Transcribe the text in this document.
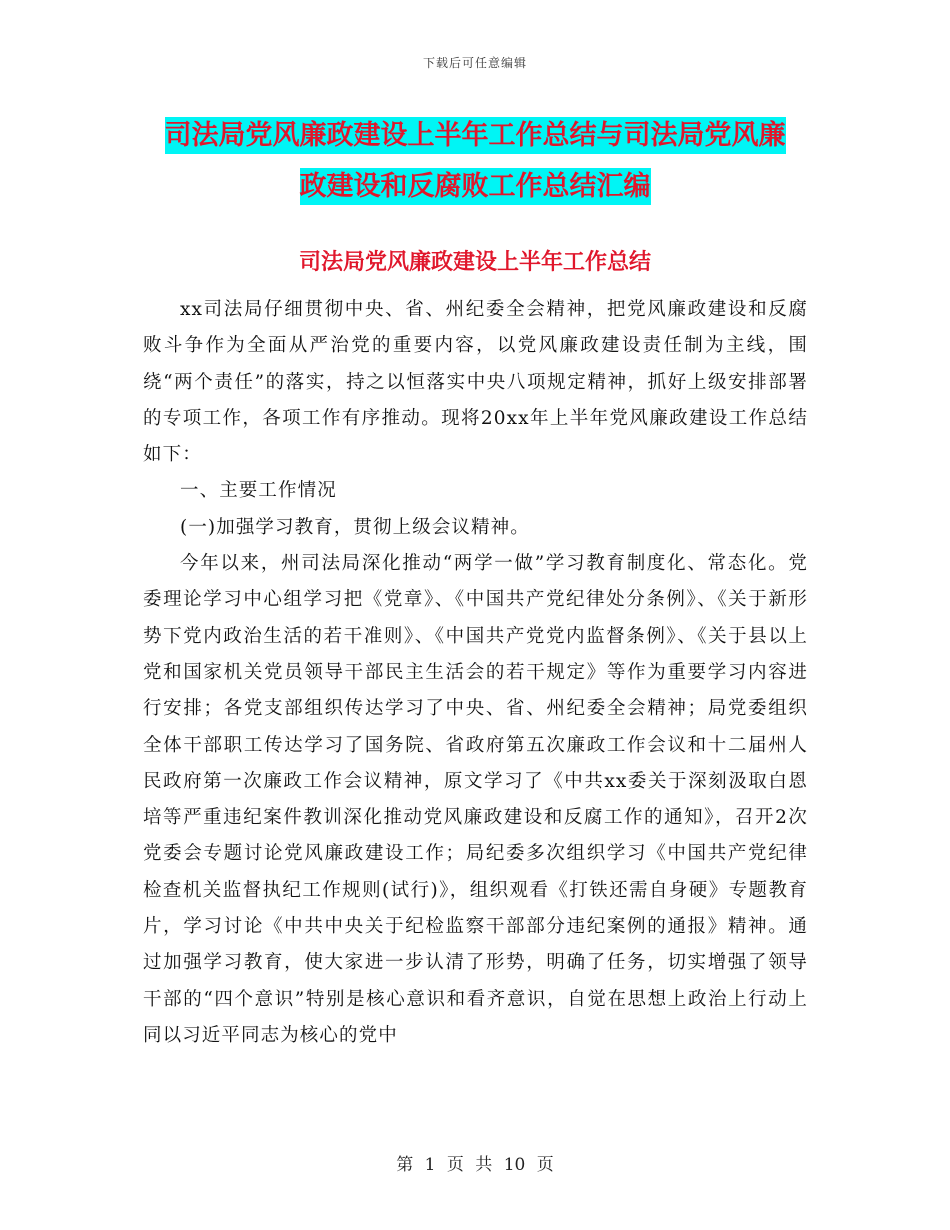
下载后可任意编辑
司法局党风廉政建设上半年工作总结与司法局党风廉
政建设和反腐败工作总结汇编
司法局党风廉政建设上半年工作总结

xx司法局仔细贯彻中央、省、州纪委全会精神，把党风廉政建设和反腐败斗争作为全面从严治党的重要内容，以党风廉政建设责任制为主线，围绕“两个责任”的落实，持之以恒落实中央八项规定精神，抓好上级安排部署的专项工作，各项工作有序推动。现将20xx年上半年党风廉政建设工作总结如下：

一、主要工作情况

(一)加强学习教育，贯彻上级会议精神。

今年以来，州司法局深化推动“两学一做”学习教育制度化、常态化。党委理论学习中心组学习把《党章》、《中国共产党纪律处分条例》、《关于新形势下党内政治生活的若干准则》、《中国共产党党内监督条例》、《关于县以上党和国家机关党员领导干部民主生活会的若干规定》等作为重要学习内容进行安排；各党支部组织传达学习了中央、省、州纪委全会精神；局党委组织全体干部职工传达学习了国务院、省政府第五次廉政工作会议和十二届州人民政府第一次廉政工作会议精神，原文学习了《中共xx委关于深刻汲取白恩培等严重违纪案件教训深化推动党风廉政建设和反腐工作的通知》，召开2次党委会专题讨论党风廉政建设工作；局纪委多次组织学习《中国共产党纪律检查机关监督执纪工作规则(试行)》，组织观看《打铁还需自身硬》专题教育片，学习讨论《中共中央关于纪检监察干部部分违纪案例的通报》精神。通过加强学习教育，使大家进一步认清了形势，明确了任务，切实增强了领导干部的“四个意识”特别是核心意识和看齐意识，自觉在思想上政治上行动上同以习近平同志为核心的党中

第 1 页 共 10 页
